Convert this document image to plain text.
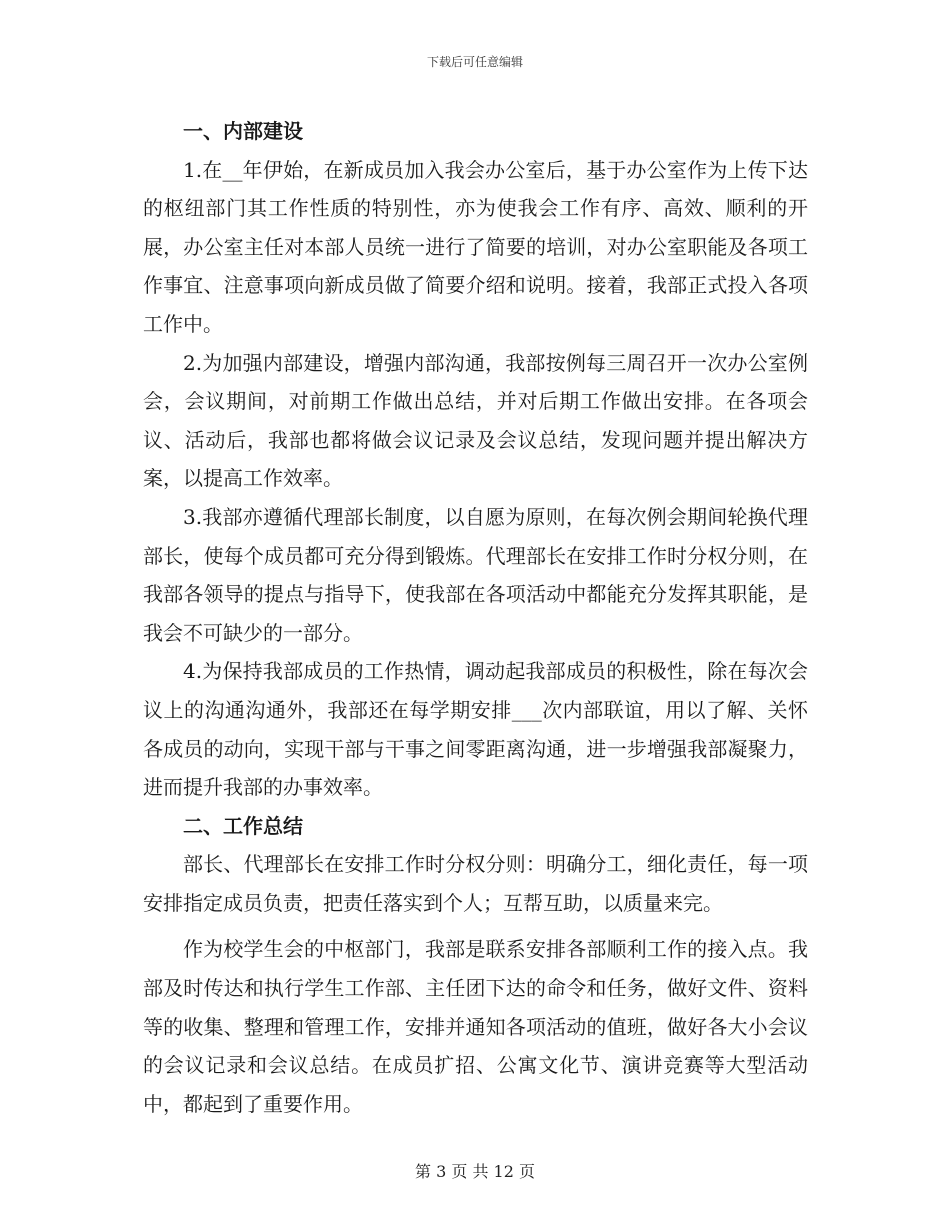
下载后可任意编辑
一、内部建设

1.在__年伊始，在新成员加入我会办公室后，基于办公室作为上传下达的枢纽部门其工作性质的特别性，亦为使我会工作有序、高效、顺利的开展，办公室主任对本部人员统一进行了简要的培训，对办公室职能及各项工作事宜、注意事项向新成员做了简要介绍和说明。接着，我部正式投入各项工作中。

2.为加强内部建设，增强内部沟通，我部按例每三周召开一次办公室例会，会议期间，对前期工作做出总结，并对后期工作做出安排。在各项会议、活动后，我部也都将做会议记录及会议总结，发现问题并提出解决方案，以提高工作效率。

3.我部亦遵循代理部长制度，以自愿为原则，在每次例会期间轮换代理部长，使每个成员都可充分得到锻炼。代理部长在安排工作时分权分则，在我部各领导的提点与指导下，使我部在各项活动中都能充分发挥其职能，是我会不可缺少的一部分。

4.为保持我部成员的工作热情，调动起我部成员的积极性，除在每次会议上的沟通沟通外，我部还在每学期安排___次内部联谊，用以了解、关怀各成员的动向，实现干部与干事之间零距离沟通，进一步增强我部凝聚力，进而提升我部的办事效率。

二、工作总结

部长、代理部长在安排工作时分权分则：明确分工，细化责任，每一项安排指定成员负责，把责任落实到个人；互帮互助，以质量来完。

作为校学生会的中枢部门，我部是联系安排各部顺利工作的接入点。我部及时传达和执行学生工作部、主任团下达的命令和任务，做好文件、资料等的收集、整理和管理工作，安排并通知各项活动的值班，做好各大小会议的会议记录和会议总结。在成员扩招、公寓文化节、演讲竞赛等大型活动中，都起到了重要作用。

第 3 页 共 12 页
